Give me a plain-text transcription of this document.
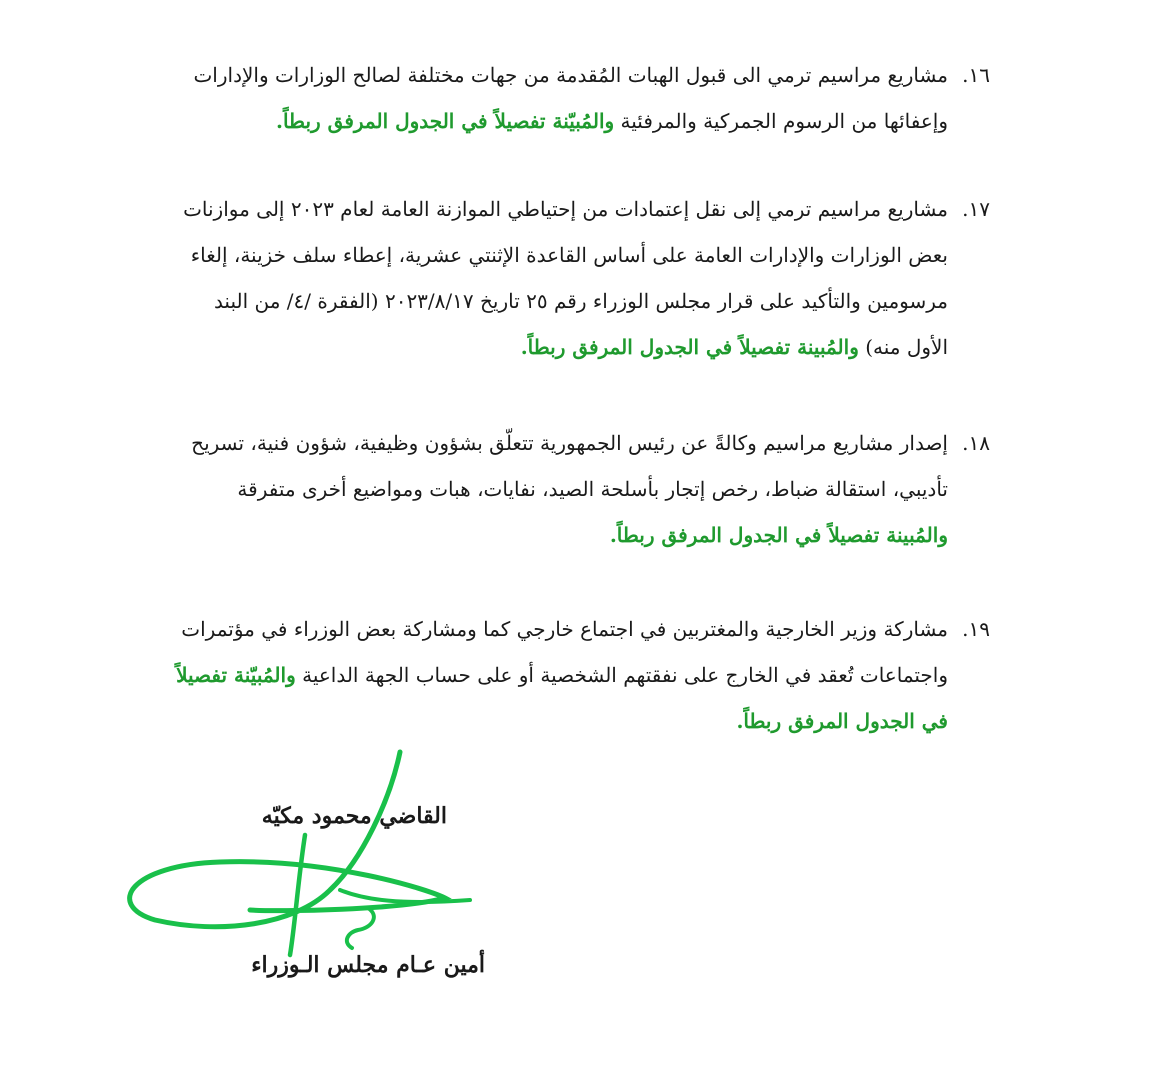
١٦.مشاريع مراسيم ترمي الى قبول الهبات المُقدمة من جهات مختلفة لصالح الوزارات والإدارات
وإعفائها من الرسوم الجمركية والمرفئية والمُبيّنة تفصيلاً في الجدول المرفق ربطاً.
١٧.مشاريع مراسيم ترمي إلى نقل إعتمادات من إحتياطي الموازنة العامة لعام ٢٠٢٣ إلى موازنات
بعض الوزارات والإدارات العامة على أساس القاعدة الإثنتي عشرية، إعطاء سلف خزينة، إلغاء
مرسومين والتأكيد على قرار مجلس الوزراء رقم ٢٥ تاريخ ٢٠٢٣/٨/١٧ (الفقرة /٤/ من البند
الأول منه) والمُبينة تفصيلاً في الجدول المرفق ربطاً.
١٨.إصدار مشاريع مراسيم وكالةً عن رئيس الجمهورية تتعلّق بشؤون وظيفية، شؤون فنية، تسريح
تأديبي، استقالة ضباط، رخص إتجار بأسلحة الصيد، نفايات، هبات ومواضيع أخرى متفرقة
والمُبينة تفصيلاً في الجدول المرفق ربطاً.
١٩.مشاركة وزير الخارجية والمغتربين في اجتماع خارجي كما ومشاركة بعض الوزراء في مؤتمرات
واجتماعات تُعقد في الخارج على نفقتهم الشخصية أو على حساب الجهة الداعية والمُبيّنة تفصيلاً
في الجدول المرفق ربطاً.
القاضي محمود مكيّه
أمين عـام مجلس الـوزراء
